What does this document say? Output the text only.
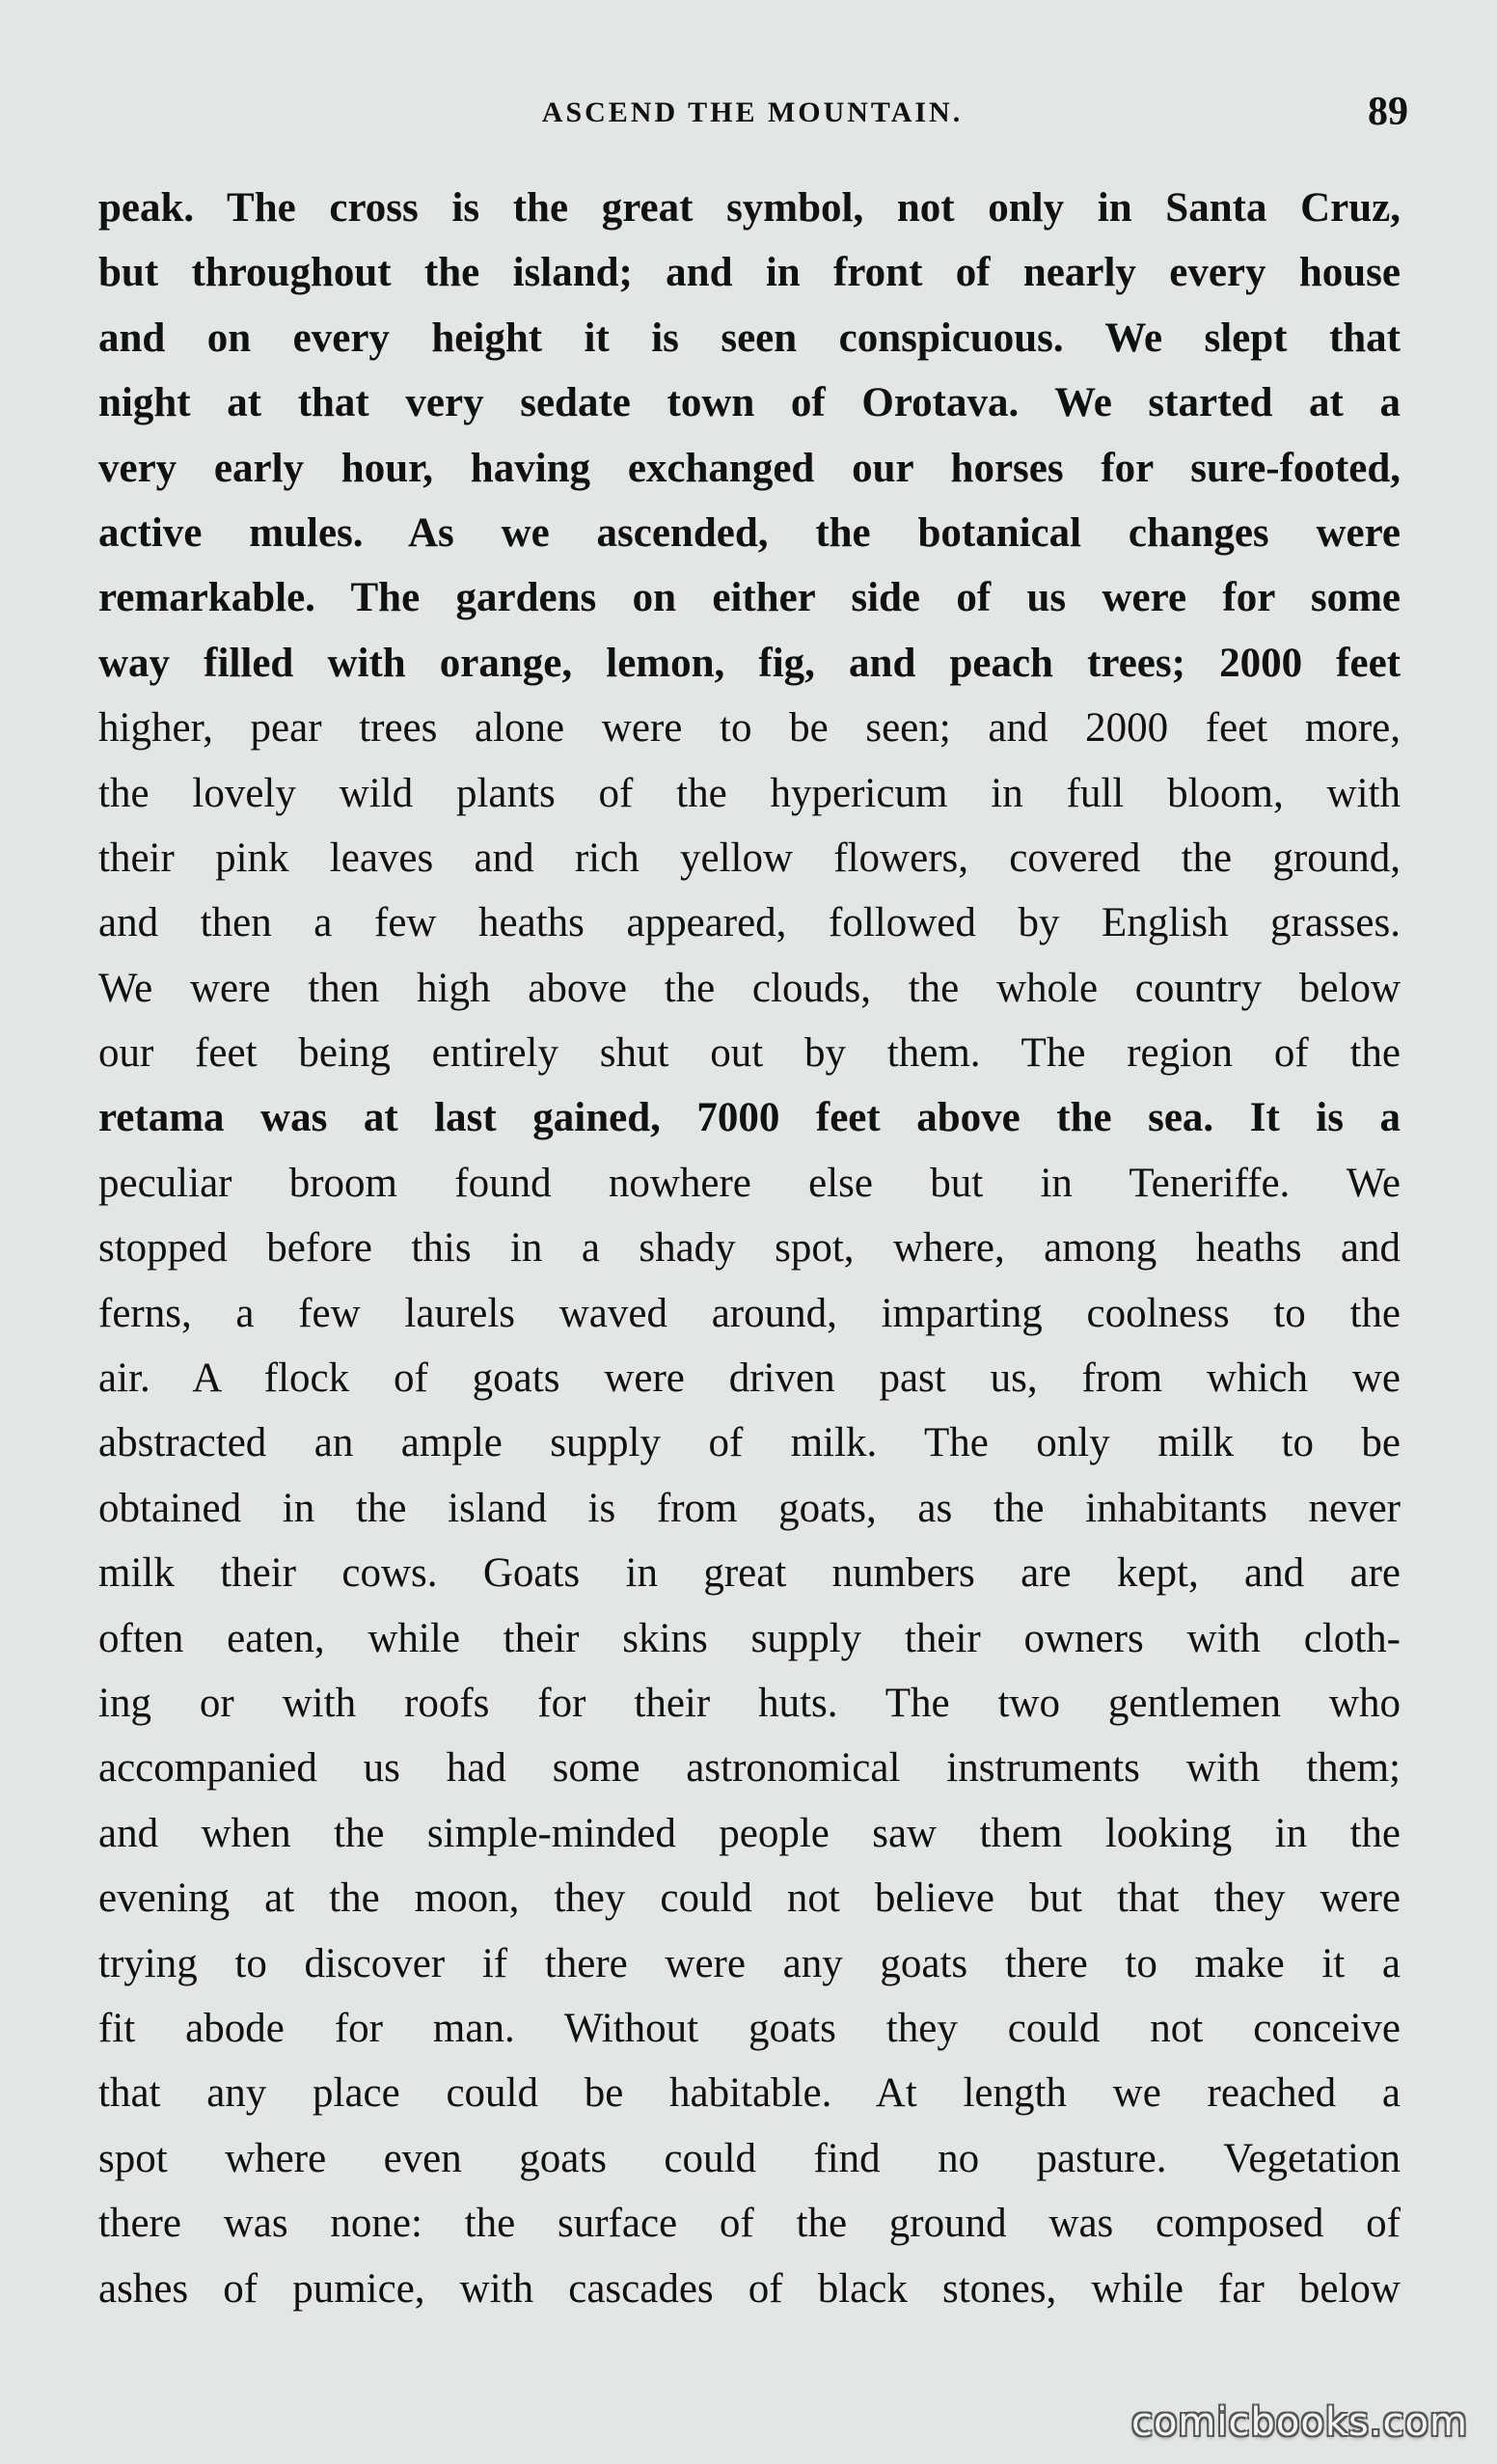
ASCEND THE MOUNTAIN.	89
peak. The cross is the great symbol, not only in Santa Cruz,
but throughout the island; and in front of nearly every house
and on every height it is seen conspicuous. We slept that
night at that very sedate town of Orotava. We started at a
very early hour, having exchanged our horses for sure-footed,
active mules. As we ascended, the botanical changes were
remarkable. The gardens on either side of us were for some
way filled with orange, lemon, fig, and peach trees; 2000 feet
higher, pear trees alone were to be seen; and 2000 feet more,
the lovely wild plants of the hypericum in full bloom, with
their pink leaves and rich yellow flowers, covered the ground,
and then a few heaths appeared, followed by English grasses.
We were then high above the clouds, the whole country below
our feet being entirely shut out by them. The region of the
retama was at last gained, 7000 feet above the sea. It is a
peculiar broom found nowhere else but in Teneriffe. We
stopped before this in a shady spot, where, among heaths and
ferns, a few laurels waved around, imparting coolness to the
air. A flock of goats were driven past us, from which we
abstracted an ample supply of milk. The only milk to be
obtained in the island is from goats, as the inhabitants never
milk their cows. Goats in great numbers are kept, and are
often eaten, while their skins supply their owners with cloth-
ing or with roofs for their huts. The two gentlemen who
accompanied us had some astronomical instruments with them;
and when the simple-minded people saw them looking in the
evening at the moon, they could not believe but that they were
trying to discover if there were any goats there to make it a
fit abode for man. Without goats they could not conceive
that any place could be habitable. At length we reached a
spot where even goats could find no pasture. Vegetation
there was none: the surface of the ground was composed of
ashes of pumice, with cascades of black stones, while far below
comicbooks.com
